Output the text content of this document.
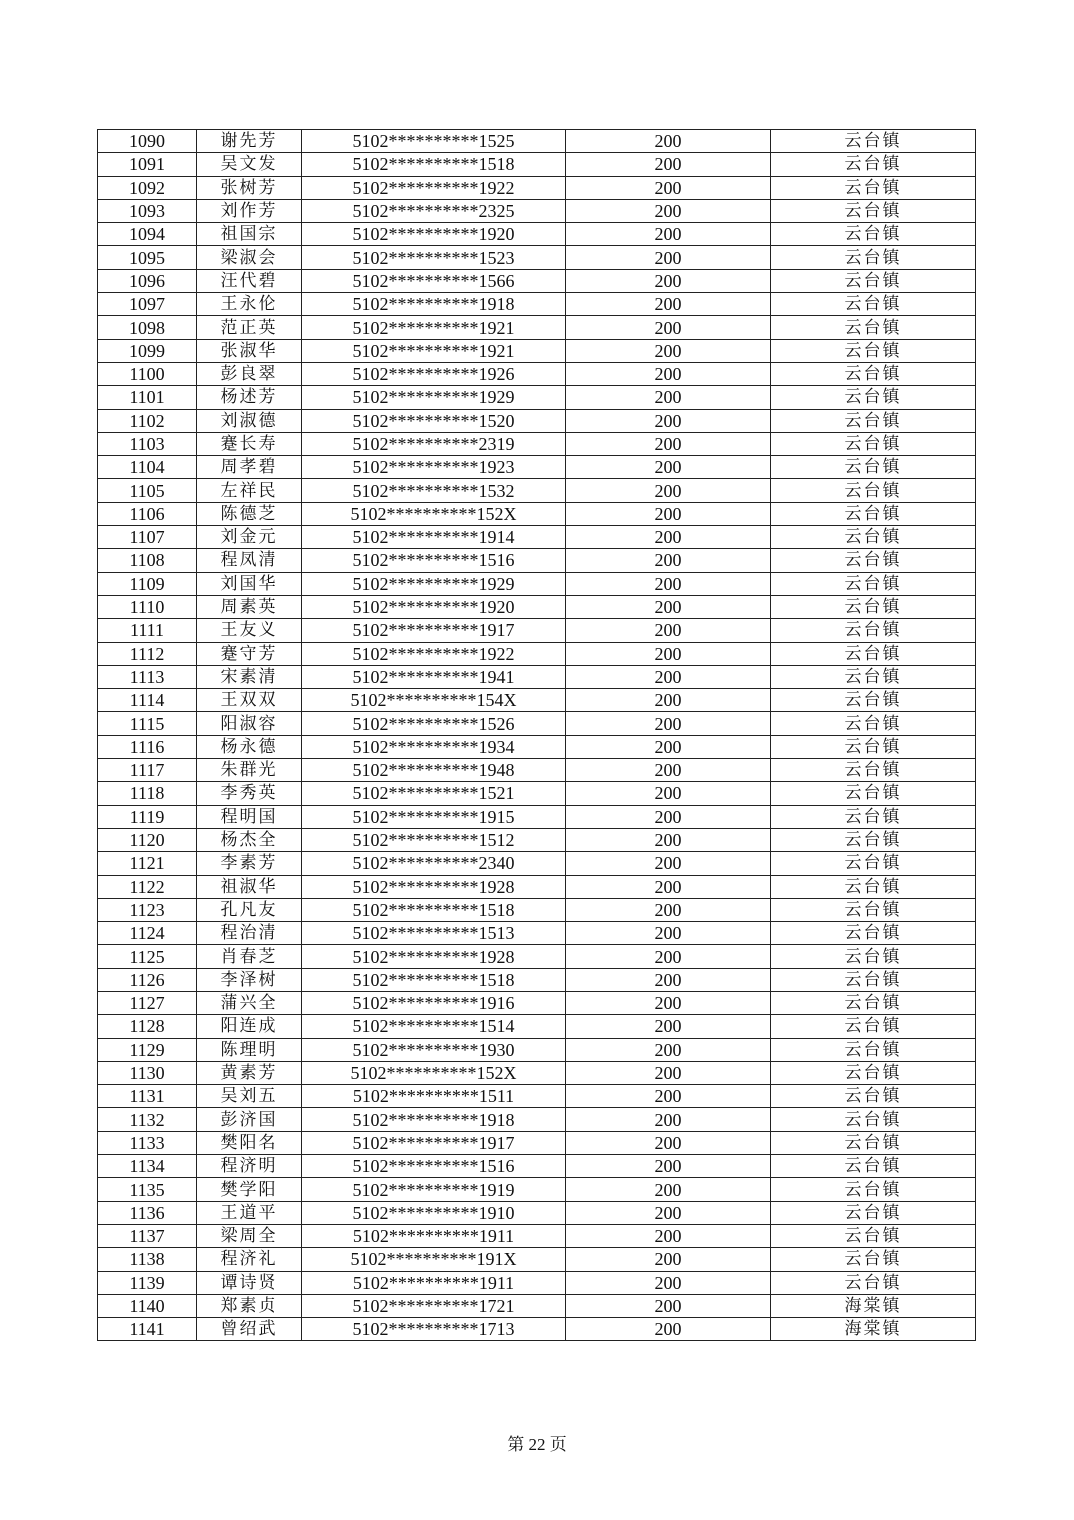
1090	谢先芳	5102**********1525	200	云台镇
1091	吴文发	5102**********1518	200	云台镇
1092	张树芳	5102**********1922	200	云台镇
1093	刘作芳	5102**********2325	200	云台镇
1094	祖国宗	5102**********1920	200	云台镇
1095	梁淑会	5102**********1523	200	云台镇
1096	汪代碧	5102**********1566	200	云台镇
1097	王永伦	5102**********1918	200	云台镇
1098	范正英	5102**********1921	200	云台镇
1099	张淑华	5102**********1921	200	云台镇
1100	彭良翠	5102**********1926	200	云台镇
1101	杨述芳	5102**********1929	200	云台镇
1102	刘淑德	5102**********1520	200	云台镇
1103	蹇长寿	5102**********2319	200	云台镇
1104	周孝碧	5102**********1923	200	云台镇
1105	左祥民	5102**********1532	200	云台镇
1106	陈德芝	5102**********152X	200	云台镇
1107	刘金元	5102**********1914	200	云台镇
1108	程凤清	5102**********1516	200	云台镇
1109	刘国华	5102**********1929	200	云台镇
1110	周素英	5102**********1920	200	云台镇
1111	王友义	5102**********1917	200	云台镇
1112	蹇守芳	5102**********1922	200	云台镇
1113	宋素清	5102**********1941	200	云台镇
1114	王双双	5102**********154X	200	云台镇
1115	阳淑容	5102**********1526	200	云台镇
1116	杨永德	5102**********1934	200	云台镇
1117	朱群光	5102**********1948	200	云台镇
1118	李秀英	5102**********1521	200	云台镇
1119	程明国	5102**********1915	200	云台镇
1120	杨杰全	5102**********1512	200	云台镇
1121	李素芳	5102**********2340	200	云台镇
1122	祖淑华	5102**********1928	200	云台镇
1123	孔凡友	5102**********1518	200	云台镇
1124	程治清	5102**********1513	200	云台镇
1125	肖春芝	5102**********1928	200	云台镇
1126	李泽树	5102**********1518	200	云台镇
1127	蒲兴全	5102**********1916	200	云台镇
1128	阳连成	5102**********1514	200	云台镇
1129	陈理明	5102**********1930	200	云台镇
1130	黄素芳	5102**********152X	200	云台镇
1131	吴刘五	5102**********1511	200	云台镇
1132	彭济国	5102**********1918	200	云台镇
1133	樊阳名	5102**********1917	200	云台镇
1134	程济明	5102**********1516	200	云台镇
1135	樊学阳	5102**********1919	200	云台镇
1136	王道平	5102**********1910	200	云台镇
1137	梁周全	5102**********1911	200	云台镇
1138	程济礼	5102**********191X	200	云台镇
1139	谭诗贤	5102**********1911	200	云台镇
1140	郑素贞	5102**********1721	200	海棠镇
1141	曾绍武	5102**********1713	200	海棠镇
第 22 页
